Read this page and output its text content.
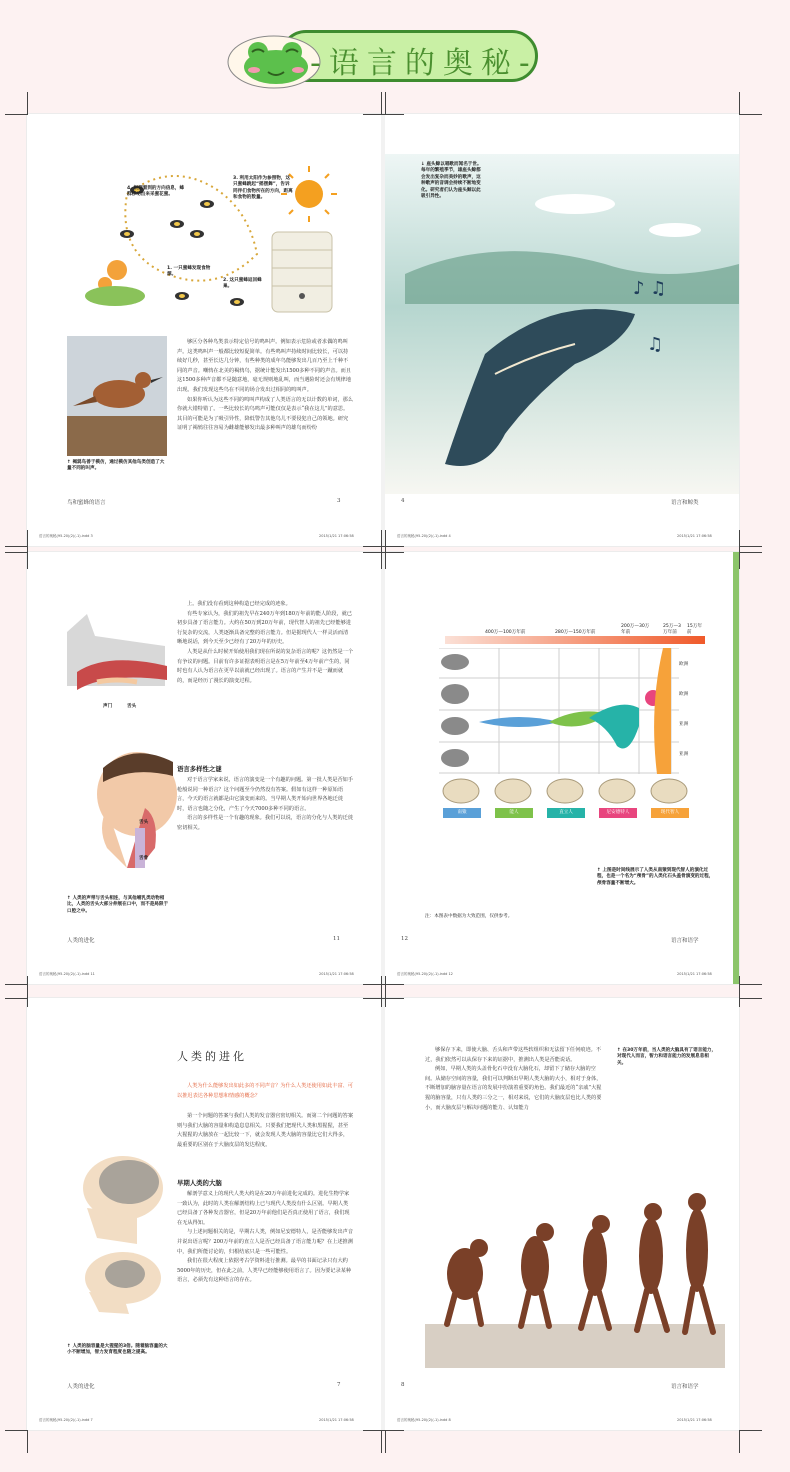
-语言的奥秘-
4. 根据看到的方向信息，蜂群移动出来采蜜花蜜。
3. 利用太阳作为参照物，这只蜜蜂跳起“摇摆舞”，告诉同伴们食物所在的方向，距离和食物的数量。
1. 一只蜜蜂发现食物源。
2. 这只蜜蜂返回蜂巢。
↑ 褐鸫鸟善于模仿，通过模仿其他鸟类创造了大量不同的叫声。

够区分各种鸟类表示特定信号的鸣叫声。例如表示危险或者求偶的鸣叫声。这类鸣叫声一般都比较短促简单。有些鸣叫声持续时间比较长，可以持续好几秒，甚至长达几分钟，有些种类的成年鸟能够发出几百乃至上千种不同的声音。嘲鸫在北美的褐鸫鸟，据统计能发出1500多种不同的声音。而且这1500多种声音都不是随意地，毫无规则地乱叫，而当遇险时还会有规律地出现。我们发现这些鸟在不同的场合发出过相同的鸣叫声。

如果你听认为这些不同的鸣叫声构成了人类语言的无以计数的单词，那么你就大错特错了。一些比较长的鸟鸣声可能仅仅是表示“我在这儿”的意思。其目的可能是为了吸引异性，降低警告其他鸟儿不要侵犯自己的领地。研究证明了褐鸫往往容易为雌雄能够发出最多种叫声的雄鸟而纷纷

鸟和蜜蜂的语言	3
语言的奥秘(95-20)(2)(-1).indd 3	2015/1/21 17:06:58
♪ ♫
♫
↓ 座头鲸以唱歌而闻名于世。每年的繁殖季节，雄座头鲸都会发出复杂而美妙的歌声，这种歌声的音调会持续不断地变化。研究者们认为座头鲸以此吸引异性。
4	语言和鲸类
语言的奥秘(95-20)(2)(-1).indd 4	2015/1/21 17:06:58
声门	舌头
舌头
舌骨
↑ 人类的声带与舌头相连，与其他哺乳类动物相比，人类的舌头大部分伸展在口中，而不是局限于口腔之中。

上。我们没有看到这种构造已经完成的迹象。

有些专家认为，我们的祖先早在240万年到180万年前的能人阶段，就已初步具备了语言能力。大约在50万到20万年前，现代智人的祖先已经能够进行复杂的交流，人类逐渐具备完整的语言能力。但是据现代人一样灵活而清晰地说话，到今天至少已经有了20万年的历史。

人类是从什么时候开始使用我们现在所说的复杂语言的呢？这仍然是一个有争议的问题。目前有许多证据表明语言是在5万年前至4万年前产生的，同时也有人认为语言在更早以前就已经出现了。语言的产生并不是一蹴而就的，而是经历了漫长的演变过程。

语言多样性之谜

对于语言学家来说，语言的演变是一个有趣的问题。第一批人类是否如手枪般说同一种语言？这个问题至今仍然没有答案。假如有这样一种原始语言，今天的语言就都是由它演变而来的。当早期人类开始向世界各地迁徙时，语言也随之分化，产生了今天7000多种不同的语言。

语言的多样性是一个有趣的现象。我们可以说，语言的分化与人类的迁徙密切相关。

人类的进化	11
语言的奥秘(95-20)(2)(-1).indd 11	2015/1/21 17:06:58
400万—100万年前	280万—150万年前
200万—30万年前
25万—3万年前
15万年前
欧洲
欧洲
亚洲
亚洲
南猿	能人	直立人	尼安德特人	现代智人
↑ 上图是时间线展示了人类从南猿到现代智人的演化过程，也是一个名为“颅骨”的人类化石头盖骨演变的过程，颅骨容量不断增大。
注：本图表中数据为大致范围，仅供参考。
12	语言和语学
语言的奥秘(95-20)(2)(-1).indd 12	2015/1/21 17:06:58
人类的进化

人类为什么能够发出如此多的不同声音？为什么人类还使用如此丰富、可以推迟表达各种思想和情感的概念？

第一个问题的答案与我们人类的发音器官密切相关。而第二个问题的答案则与我们大脑的容量和构造息息相关。只要我们把现代人类和黑猩猩，甚至大猩猩的大脑放在一起比较一下，就会发现人类大脑的容量比它们大得多，最重要的区别在于大脑皮层的发达程度。

早期人类的大脑

解剖学意义上的现代人类大约是在20万年前进化完成的。进化生物学家一致认为，此时的人类在解剖结构上已与现代人类没有什么区别。早期人类已经具备了各种发音器官，但是20万年前他们是否真正使用了语言，我们现在无从得知。

与上述问题相关的是，早期古人类，例如尼安德特人，是否能够发出声音并说出语言呢？200万年前的直立人是否已经具备了语言能力呢？在上述推测中，我们所能讨论的，归根结底只是一些可能性。

我们在很大程度上依据考古学资料进行推测。最早的书面记录只有大约5000年的历史，但在此之前，人类早已经能够使用语言了。因为要记录某种语言，必须先有这种语言的存在。

↑ 人类的脑容量是大猩猩的3倍。随着脑容量的大小不断增加，智力发育程度也随之提高。
人类的进化	7
语言的奥秘(95-20)(2)(-1).indd 7	2015/1/21 17:06:58

够保存下来，即使大脑、舌头和声带这些软组织和无法留下任何痕迹。不过，我们依然可以从保存下来的证据中，推测出人类是否能说话。

例如，早期人类的头盖骨化石中没有大脑化石，却留下了储存大脑的空间。从储存空间的容量，我们可以判断出早期人类大脑的大小，相对于身体，不断增加的脑容量在语言的发展中扮演着重要的角色。我们最近的“亲戚”大猩猩的脑容量，只有人类的三分之一，相对来说，它们的大脑皮层也比人类的要小，而大脑皮层与解决问题的能力、认知能力

↑ 在30万年前，当人类的大脑具有了语言能力，对现代人而言，智力和语言能力的发展息息相关。
8	语言和语学
语言的奥秘(95-20)(2)(-1).indd 8	2015/1/21 17:06:58
